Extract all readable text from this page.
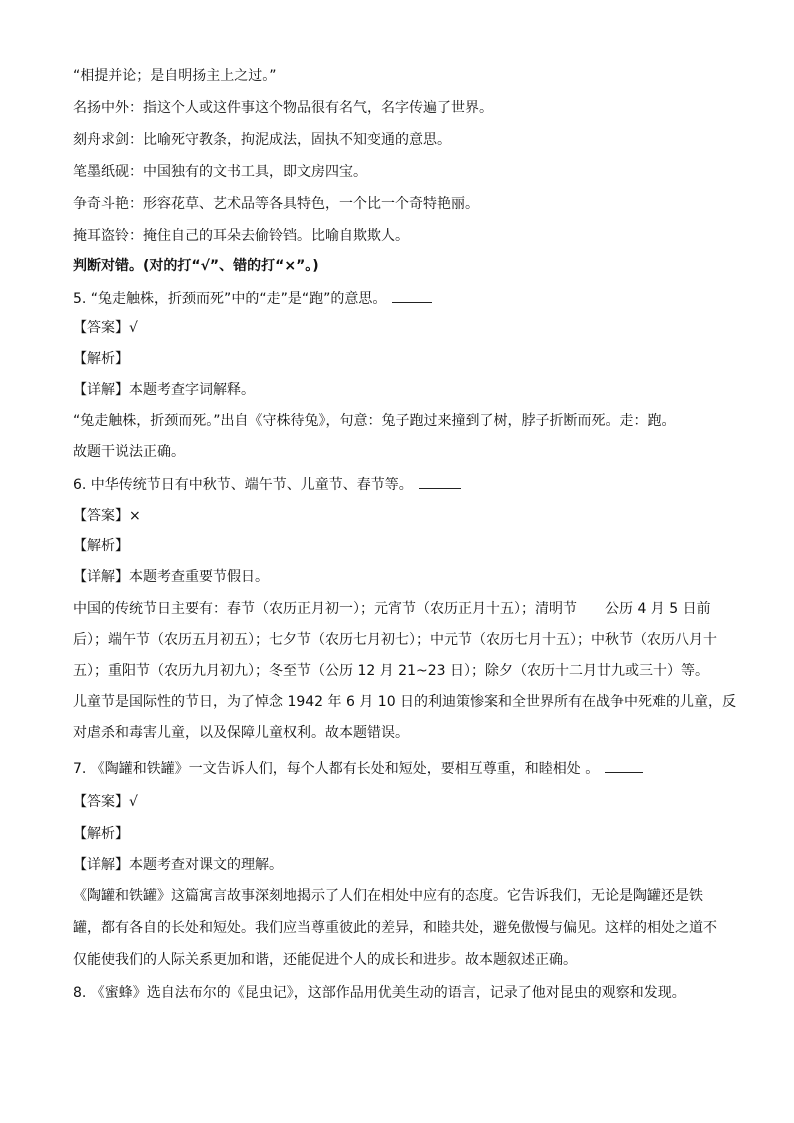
“相提并论；是自明扬主上之过。”
名扬中外：指这个人或这件事这个物品很有名气，名字传遍了世界。
刻舟求剑：比喻死守教条，拘泥成法，固执不知变通的意思。
笔墨纸砚：中国独有的文书工具，即文房四宝。
争奇斗艳：形容花草、艺术品等各具特色，一个比一个奇特艳丽。
掩耳盗铃：掩住自己的耳朵去偷铃铛。比喻自欺欺人。
判断对错。(对的打“√”、错的打“×”。)
5. “兔走触株，折颈而死”中的“走”是“跑”的意思。
【答案】√
【解析】
【详解】本题考查字词解释。
“兔走触株，折颈而死。”出自《守株待兔》，句意：兔子跑过来撞到了树，脖子折断而死。走：跑。
故题干说法正确。
6. 中华传统节日有中秋节、端午节、儿童节、春节等。
【答案】×
【解析】
【详解】本题考查重要节假日。
中国的传统节日主要有：春节（农历正月初一）；元宵节（农历正月十五）；清明节　　公历 4 月 5 日前
后）；端午节（农历五月初五）；七夕节（农历七月初七）；中元节（农历七月十五）；中秋节（农历八月十
五）；重阳节（农历九月初九）；冬至节（公历 12 月 21~23 日）；除夕（农历十二月廿九或三十）等。
儿童节是国际性的节日，为了悼念 1942 年 6 月 10 日的利迪策惨案和全世界所有在战争中死难的儿童，反
对虐杀和毒害儿童，以及保障儿童权利。故本题错误。
7. 《陶罐和铁罐》一文告诉人们，每个人都有长处和短处，要相互尊重，和睦相处 。
【答案】√
【解析】
【详解】本题考查对课文的理解。
《陶罐和铁罐》这篇寓言故事深刻地揭示了人们在相处中应有的态度。它告诉我们，无论是陶罐还是铁
罐，都有各自的长处和短处。我们应当尊重彼此的差异，和睦共处，避免傲慢与偏见。这样的相处之道不
仅能使我们的人际关系更加和谐，还能促进个人的成长和进步。故本题叙述正确。
8. 《蜜蜂》选自法布尔的《昆虫记》，这部作品用优美生动的语言，记录了他对昆虫的观察和发现。
